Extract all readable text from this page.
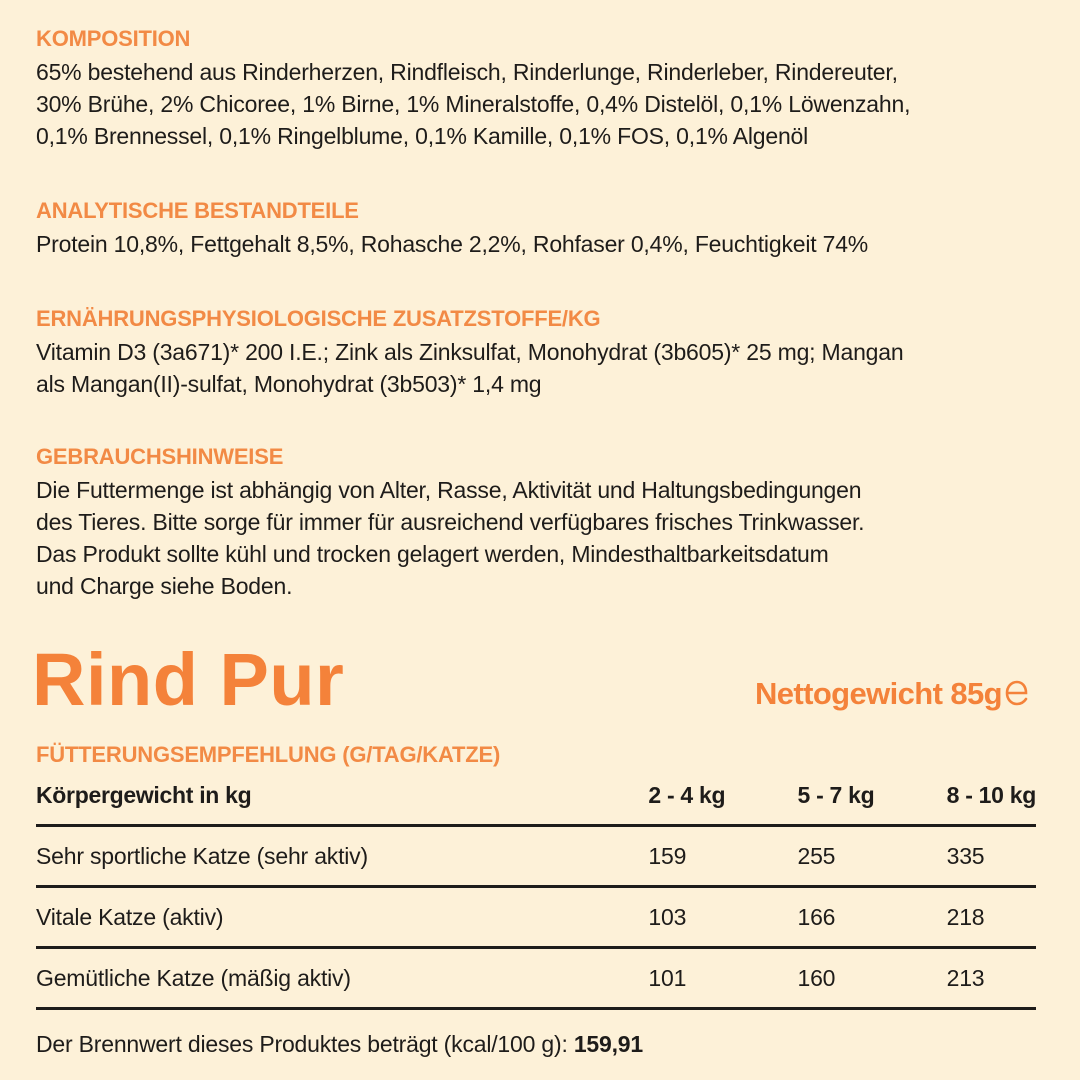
KOMPOSITION

65% bestehend aus Rinderherzen, Rindfleisch, Rinderlunge, Rinderleber, Rindereuter,

30% Brühe, 2% Chicoree, 1% Birne, 1% Mineralstoffe, 0,4% Distelöl, 0,1% Löwenzahn,

0,1% Brennessel, 0,1% Ringelblume, 0,1% Kamille, 0,1% FOS, 0,1% Algenöl

ANALYTISCHE BESTANDTEILE

Protein 10,8%, Fettgehalt 8,5%, Rohasche 2,2%, Rohfaser 0,4%, Feuchtigkeit 74%

ERNÄHRUNGSPHYSIOLOGISCHE ZUSATZSTOFFE/KG

Vitamin D3 (3a671)* 200 I.E.; Zink als Zinksulfat, Monohydrat (3b605)* 25 mg; Mangan

als Mangan(II)-sulfat, Monohydrat (3b503)* 1,4 mg

GEBRAUCHSHINWEISE

Die Futtermenge ist abhängig von Alter, Rasse, Aktivität und Haltungsbedingungen

des Tieres. Bitte sorge für immer für ausreichend verfügbares frisches Trinkwasser.

Das Produkt sollte kühl und trocken gelagert werden, Mindesthaltbarkeitsdatum

und Charge siehe Boden.

Rind Pur	Nettogewicht 85g
FÜTTERUNGSEMPFEHLUNG (G/TAG/KATZE)
Körpergewicht in kg	2 - 4 kg	5 - 7 kg	8 - 10 kg
Sehr sportliche Katze (sehr aktiv)	159	255	335
Vitale Katze (aktiv)	103	166	218
Gemütliche Katze (mäßig aktiv)	101	160	213
Der Brennwert dieses Produktes beträgt (kcal/100 g): 159,91
